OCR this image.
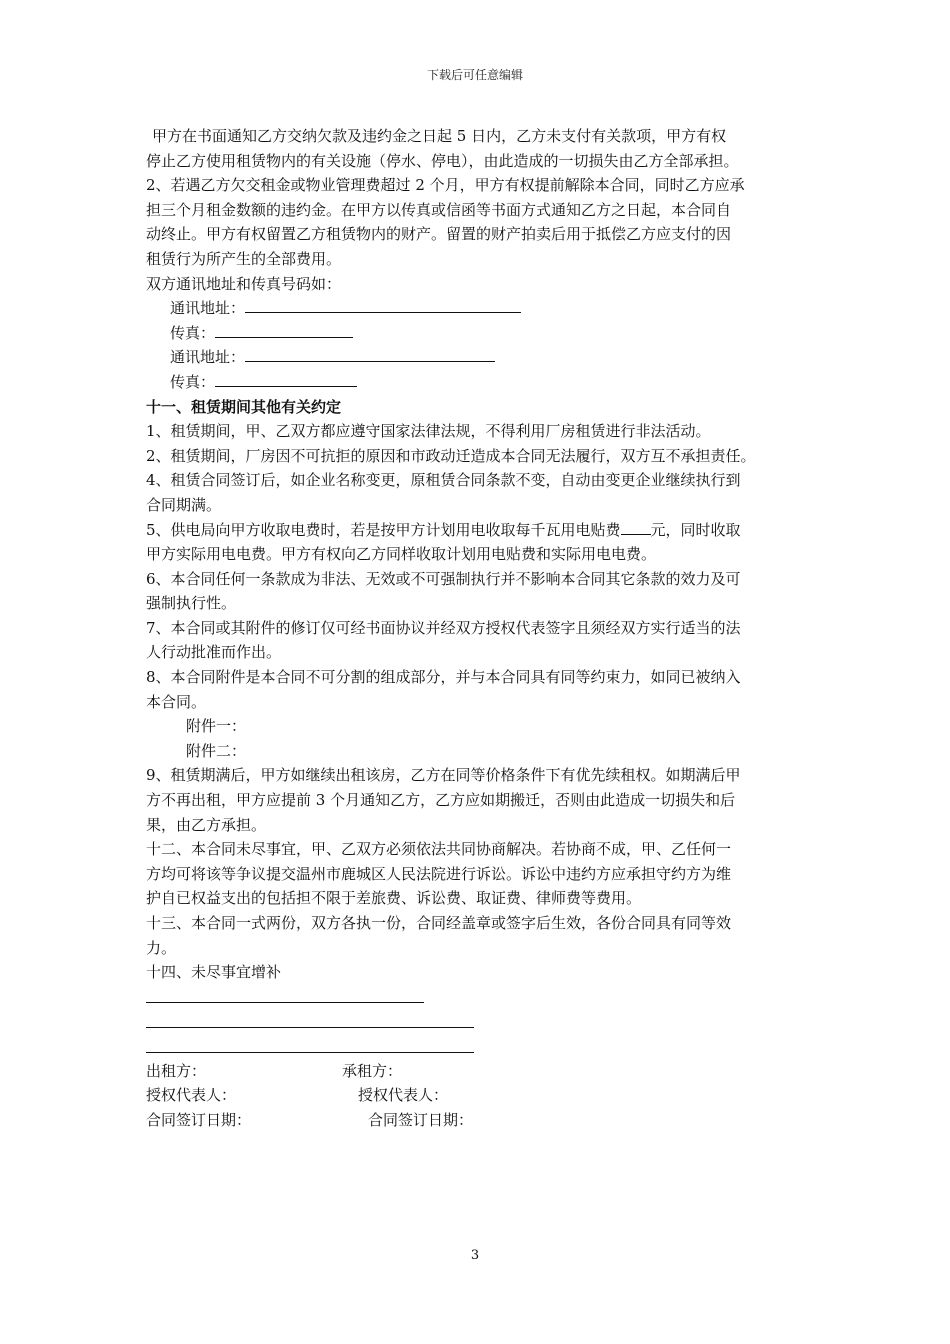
下载后可任意编辑

甲方在书面通知乙方交纳欠款及违约金之日起 5 日内，乙方未支付有关款项，甲方有权

停止乙方使用租赁物内的有关设施（停水、停电），由此造成的一切损失由乙方全部承担。

2、若遇乙方欠交租金或物业管理费超过 2 个月，甲方有权提前解除本合同，同时乙方应承

担三个月租金数额的违约金。在甲方以传真或信函等书面方式通知乙方之日起，本合同自

动终止。甲方有权留置乙方租赁物内的财产。留置的财产拍卖后用于抵偿乙方应支付的因

租赁行为所产生的全部费用。

双方通讯地址和传真号码如：

通讯地址：

传真：

通讯地址：

传真：

十一、租赁期间其他有关约定

1、租赁期间，甲、乙双方都应遵守国家法律法规，不得利用厂房租赁进行非法活动。

2、租赁期间，厂房因不可抗拒的原因和市政动迁造成本合同无法履行，双方互不承担责任。

4、租赁合同签订后，如企业名称变更，原租赁合同条款不变，自动由变更企业继续执行到

合同期满。

5、供电局向甲方收取电费时，若是按甲方计划用电收取每千瓦用电贴费 元，同时收取

甲方实际用电电费。甲方有权向乙方同样收取计划用电贴费和实际用电电费。

6、本合同任何一条款成为非法、无效或不可强制执行并不影响本合同其它条款的效力及可

强制执行性。

7、本合同或其附件的修订仅可经书面协议并经双方授权代表签字且须经双方实行适当的法

人行动批准而作出。

8、本合同附件是本合同不可分割的组成部分，并与本合同具有同等约束力，如同已被纳入

本合同。

附件一：

附件二：

9、租赁期满后，甲方如继续出租该房，乙方在同等价格条件下有优先续租权。如期满后甲

方不再出租，甲方应提前 3 个月通知乙方，乙方应如期搬迁，否则由此造成一切损失和后

果，由乙方承担。

十二、本合同未尽事宜，甲、乙双方必须依法共同协商解决。若协商不成，甲、乙任何一

方均可将该等争议提交温州市鹿城区人民法院进行诉讼。诉讼中违约方应承担守约方为维

护自已权益支出的包括担不限于差旅费、诉讼费、取证费、律师费等费用。

十三、本合同一式两份，双方各执一份，合同经盖章或签字后生效，各份合同具有同等效

力。

十四、未尽事宜增补

出租方：	承租方：
授权代表人：	授权代表人：
合同签订日期：	合同签订日期：
3
